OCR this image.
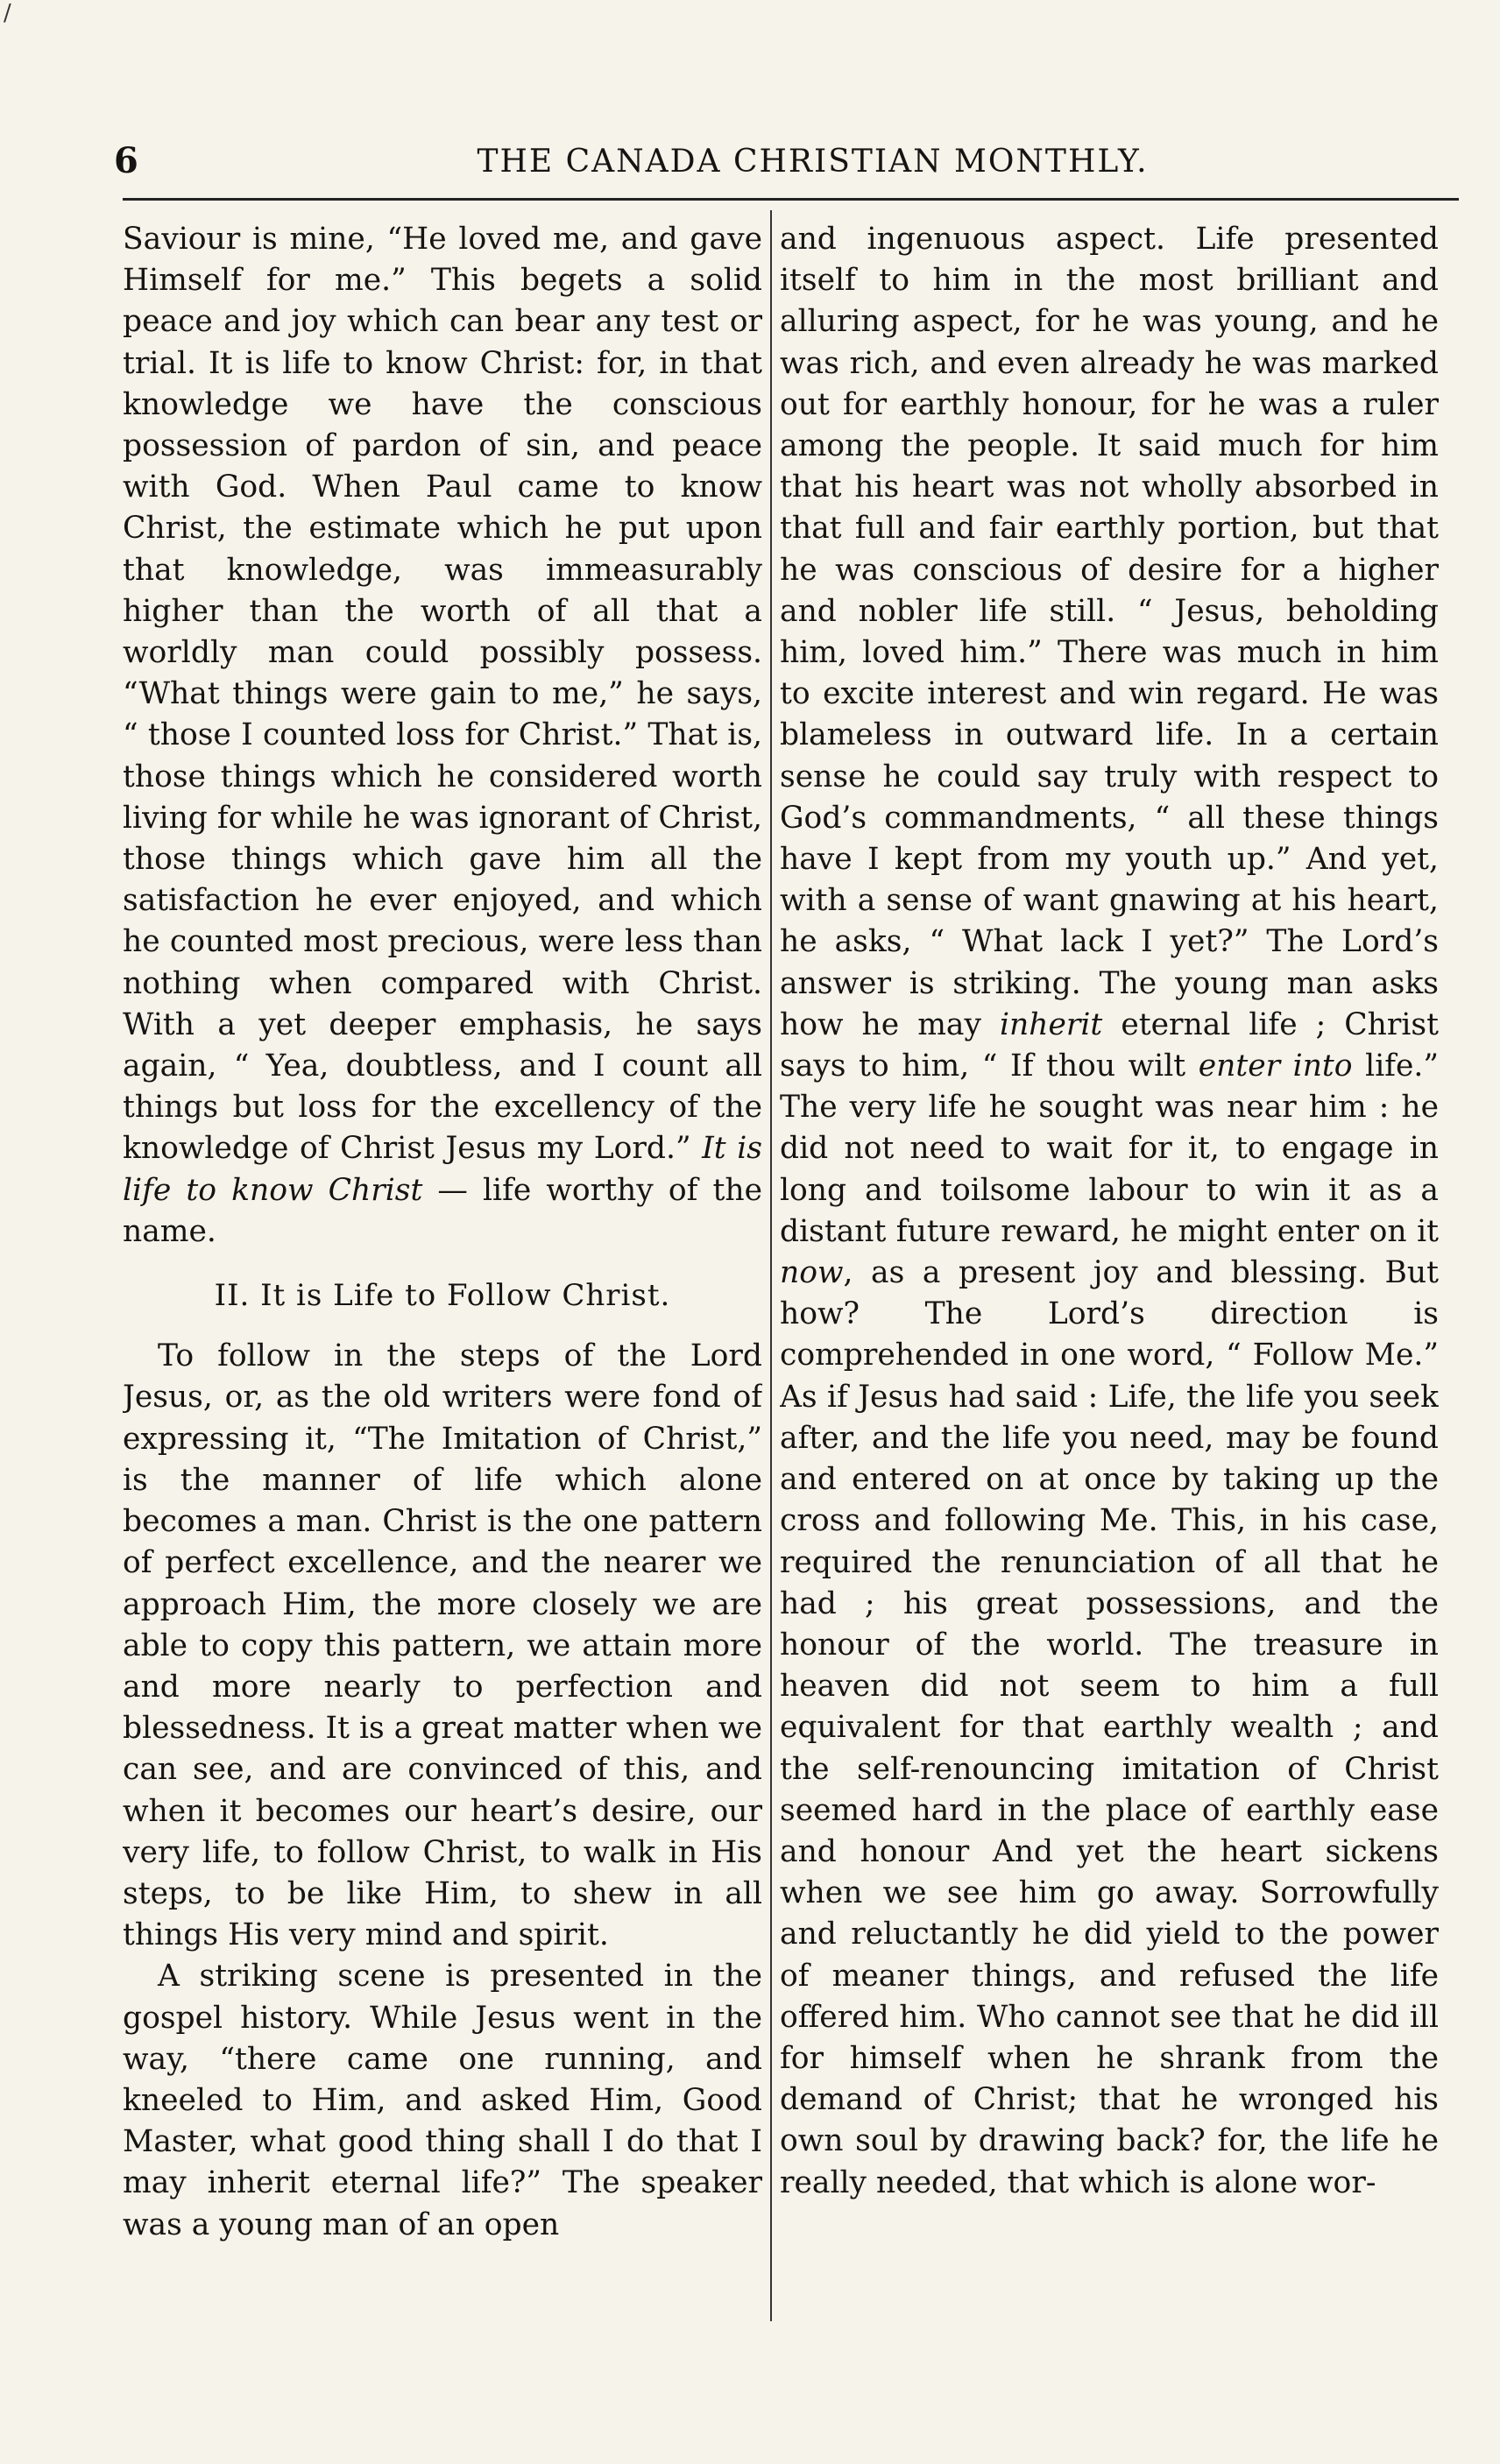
/
6	THE CANADA CHRISTIAN MONTHLY.

Saviour is mine, “He loved me, and gave Himself for me.” This begets a solid peace and joy which can bear any test or trial. It is life to know Christ: for, in that knowledge we have the conscious possession of pardon of sin, and peace with God. When Paul came to know Christ, the estimate which he put upon that knowledge, was immeasurably higher than the worth of all that a worldly man could possibly possess. “What things were gain to me,” he says, “ those I counted loss for Christ.” That is, those things which he considered worth living for while he was ignorant of Christ, those things which gave him all the satisfaction he ever enjoyed, and which he counted most precious, were less than nothing when compared with Christ. With a yet deeper emphasis, he says again, “ Yea, doubtless, and I count all things but loss for the excellency of the knowledge of Christ Jesus my Lord.” It is life to know Christ — life worthy of the name.

II. It is Life to Follow Christ.

To follow in the steps of the Lord Jesus, or, as the old writers were fond of expressing it, “The Imitation of Christ,” is the manner of life which alone becomes a man. Christ is the one pattern of perfect excellence, and the nearer we approach Him, the more closely we are able to copy this pattern, we attain more and more nearly to perfection and blessedness. It is a great matter when we can see, and are convinced of this, and when it becomes our heart’s desire, our very life, to follow Christ, to walk in His steps, to be like Him, to shew in all things His very mind and spirit.

A striking scene is presented in the gospel history. While Jesus went in the way, “there came one running, and kneeled to Him, and asked Him, Good Master, what good thing shall I do that I may inherit eternal life?” The speaker was a young man of an open

and ingenuous aspect. Life presented itself to him in the most brilliant and alluring aspect, for he was young, and he was rich, and even already he was marked out for earthly honour, for he was a ruler among the people. It said much for him that his heart was not wholly absorbed in that full and fair earthly portion, but that he was conscious of desire for a higher and nobler life still. “ Jesus, beholding him, loved him.” There was much in him to excite interest and win regard. He was blameless in outward life. In a certain sense he could say truly with respect to God’s commandments, “ all these things have I kept from my youth up.” And yet, with a sense of want gnawing at his heart, he asks, “ What lack I yet?” The Lord’s answer is striking. The young man asks how he may inherit eternal life ; Christ says to him, “ If thou wilt enter into life.” The very life he sought was near him : he did not need to wait for it, to engage in long and toilsome labour to win it as a distant future reward, he might enter on it now, as a present joy and blessing. But how? The Lord’s direction is comprehended in one word, “ Follow Me.” As if Jesus had said : Life, the life you seek after, and the life you need, may be found and entered on at once by taking up the cross and following Me. This, in his case, required the renunciation of all that he had ; his great possessions, and the honour of the world. The treasure in heaven did not seem to him a full equivalent for that earthly wealth ; and the self-renouncing imitation of Christ seemed hard in the place of earthly ease and honour And yet the heart sickens when we see him go away. Sorrowfully and reluctantly he did yield to the power of meaner things, and refused the life offered him. Who cannot see that he did ill for himself when he shrank from the demand of Christ; that he wronged his own soul by drawing back? for, the life he really needed, that which is alone wor-
